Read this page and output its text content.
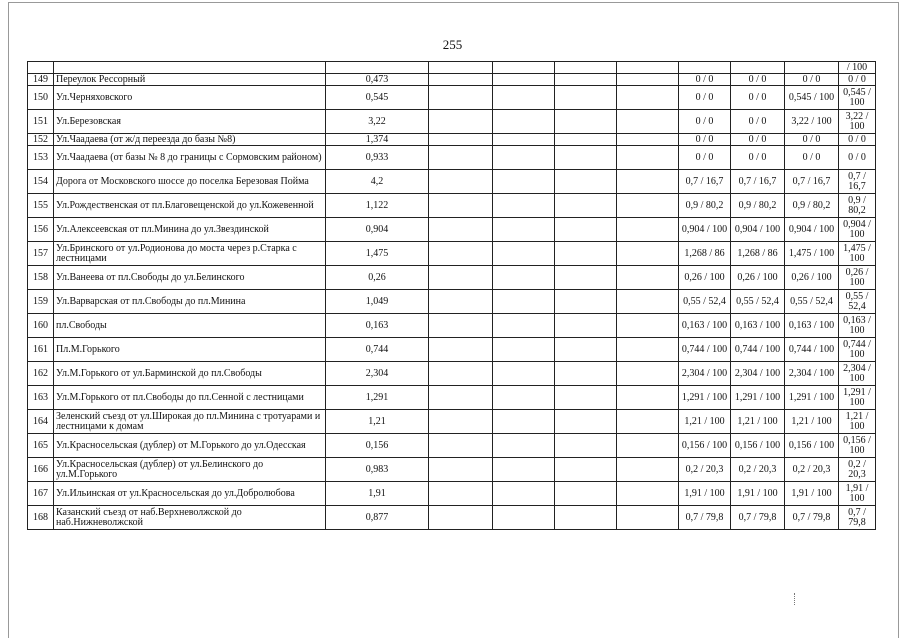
255
										/ 100
149	Переулок Рессорный	0,473					0 / 0	0 / 0	0 / 0	0 / 0
150	Ул.Черняховского	0,545					0 / 0	0 / 0	0,545 / 100	0,545 / 100
151	Ул.Березовская	3,22					0 / 0	0 / 0	3,22 / 100	3,22 / 100
152	Ул.Чаадаева (от ж/д переезда до базы №8)	1,374					0 / 0	0 / 0	0 / 0	0 / 0
153	Ул.Чаадаева (от базы № 8 до границы с Сормовским районом)	0,933					0 / 0	0 / 0	0 / 0	0 / 0
154	Дорога от Московского шоссе до поселка Березовая Пойма	4,2					0,7 / 16,7	0,7 / 16,7	0,7 / 16,7	0,7 / 16,7
155	Ул.Рождественская от пл.Благовещенской до ул.Кожевенной	1,122					0,9 / 80,2	0,9 / 80,2	0,9 / 80,2	0,9 / 80,2
156	Ул.Алексеевская от пл.Минина до ул.Звездинской	0,904					0,904 / 100	0,904 / 100	0,904 / 100	0,904 / 100
157	Ул.Бринского от ул.Родионова до моста через р.Старка с лестницами	1,475					1,268 / 86	1,268 / 86	1,475 / 100	1,475 / 100
158	Ул.Ванеева от пл.Свободы до ул.Белинского	0,26					0,26 / 100	0,26 / 100	0,26 / 100	0,26 / 100
159	Ул.Варварская от пл.Свободы до пл.Минина	1,049					0,55 / 52,4	0,55 / 52,4	0,55 / 52,4	0,55 / 52,4
160	пл.Свободы	0,163					0,163 / 100	0,163 / 100	0,163 / 100	0,163 / 100
161	Пл.М.Горького	0,744					0,744 / 100	0,744 / 100	0,744 / 100	0,744 / 100
162	Ул.М.Горького от ул.Барминской до пл.Свободы	2,304					2,304 / 100	2,304 / 100	2,304 / 100	2,304 / 100
163	Ул.М.Горького от пл.Свободы до пл.Сенной с лестницами	1,291					1,291 / 100	1,291 / 100	1,291 / 100	1,291 / 100
164	Зеленский съезд от ул.Широкая до пл.Минина с тротуарами и лестницами к домам	1,21					1,21 / 100	1,21 / 100	1,21 / 100	1,21 / 100
165	Ул.Красносельская (дублер) от М.Горького до ул.Одесская	0,156					0,156 / 100	0,156 / 100	0,156 / 100	0,156 / 100
166	Ул.Красносельская (дублер) от ул.Белинского до ул.М.Горького	0,983					0,2 / 20,3	0,2 / 20,3	0,2 / 20,3	0,2 / 20,3
167	Ул.Ильинская от ул.Красносельская до ул.Добролюбова	1,91					1,91 / 100	1,91 / 100	1,91 / 100	1,91 / 100
168	Казанский съезд от наб.Верхневолжской до наб.Нижневолжской	0,877					0,7 / 79,8	0,7 / 79,8	0,7 / 79,8	0,7 / 79,8
